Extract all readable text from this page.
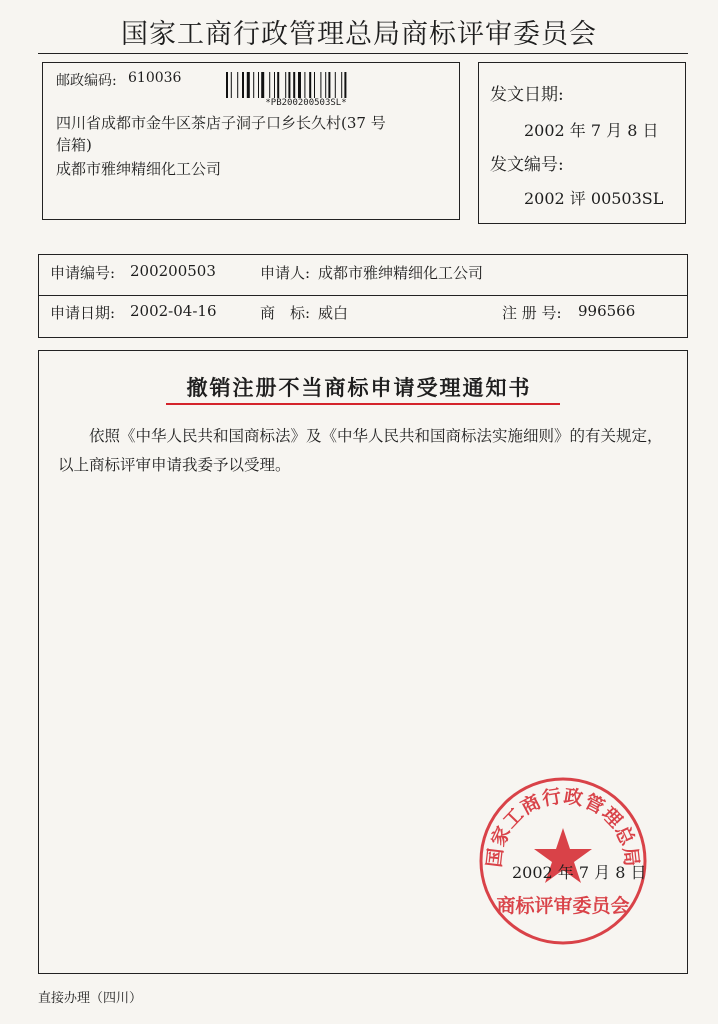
国家工商行政管理总局商标评审委员会
邮政编码: 610036
*PB200200503SL*
四川省成都市金牛区茶店子洞子口乡长久村(37 号
信箱)
成都市雅绅精细化工公司
发文日期:
2002 年 7 月 8 日
发文编号:
2002 评 00503SL
申请编号: 200200503	申请人: 成都市雅绅精细化工公司
申请日期: 2002-04-16	商　标: 威白	注 册 号: 996566
撤销注册不当商标申请受理通知书
依照《中华人民共和国商标法》及《中华人民共和国商标法实施细则》的有关规定，以上商标评审申请我委予以受理。
国家工商行政管理总局
商标评审委员会
2002 年 7 月 8 日
直接办理（四川）
